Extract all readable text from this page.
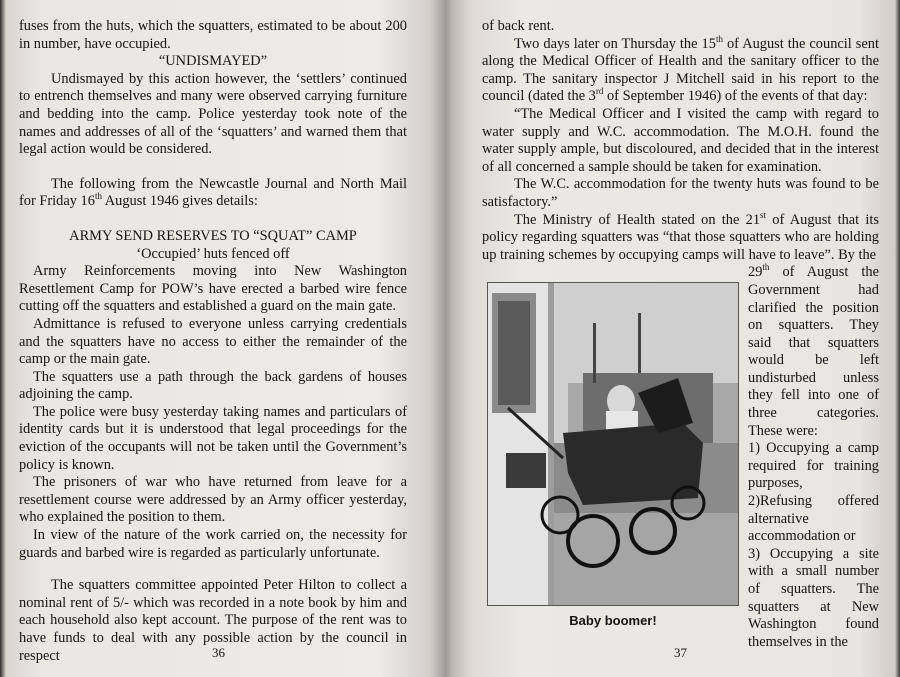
fuses from the huts, which the squatters, estimated to be about 200 in number, have occupied.

“UNDISMAYED”

Undismayed by this action however, the ‘settlers’ continued to entrench themselves and many were observed carrying furniture and bedding into the camp. Police yesterday took note of the names and addresses of all of the ‘squatters’ and warned them that legal action would be considered.

The following from the Newcastle Journal and North Mail for Friday 16th August 1946 gives details:

ARMY SEND RESERVES TO “SQUAT” CAMP

‘Occupied’ huts fenced off

Army Reinforcements moving into New Washington Resettlement Camp for POW’s have erected a barbed wire fence cutting off the squatters and established a guard on the main gate.

Admittance is refused to everyone unless carrying credentials and the squatters have no access to either the remainder of the camp or the main gate.

The squatters use a path through the back gardens of houses adjoining the camp.

The police were busy yesterday taking names and particulars of identity cards but it is understood that legal proceedings for the eviction of the occupants will not be taken until the Government’s policy is known.

The prisoners of war who have returned from leave for a resettlement course were addressed by an Army officer yesterday, who explained the position to them.

In view of the nature of the work carried on, the necessity for guards and barbed wire is regarded as particularly unfortunate.

The squatters committee appointed Peter Hilton to collect a nominal rent of 5/- which was recorded in a note book by him and each household also kept account. The purpose of the rent was to have funds to deal with any possible action by the council in respect	36

of back rent.

Two days later on Thursday the 15th of August the council sent along the Medical Officer of Health and the sanitary officer to the camp. The sanitary inspector J Mitchell said in his report to the council (dated the 3rd of September 1946) of the events of that day:

“The Medical Officer and I visited the camp with regard to water supply and W.C. accommodation. The M.O.H. found the water supply ample, but discoloured, and decided that in the interest of all concerned a sample should be taken for examination.

The W.C. accommodation for the twenty huts was found to be satisfactory.”

The Ministry of Health stated on the 21st of August that its policy regarding squatters was “that those squatters who are holding up training schemes by occupying camps will have to leave”. By the

Baby boomer!

29th of August the Government had clarified the position on squatters. They said that squatters would be left undisturbed unless they fell into one of three categories. These were:

1) Occupying a camp required for training purposes,

2)Refusing offered alternative accommodation or

3) Occupying a site with a small number of squatters. The squatters at New Washington found themselves in the

37
